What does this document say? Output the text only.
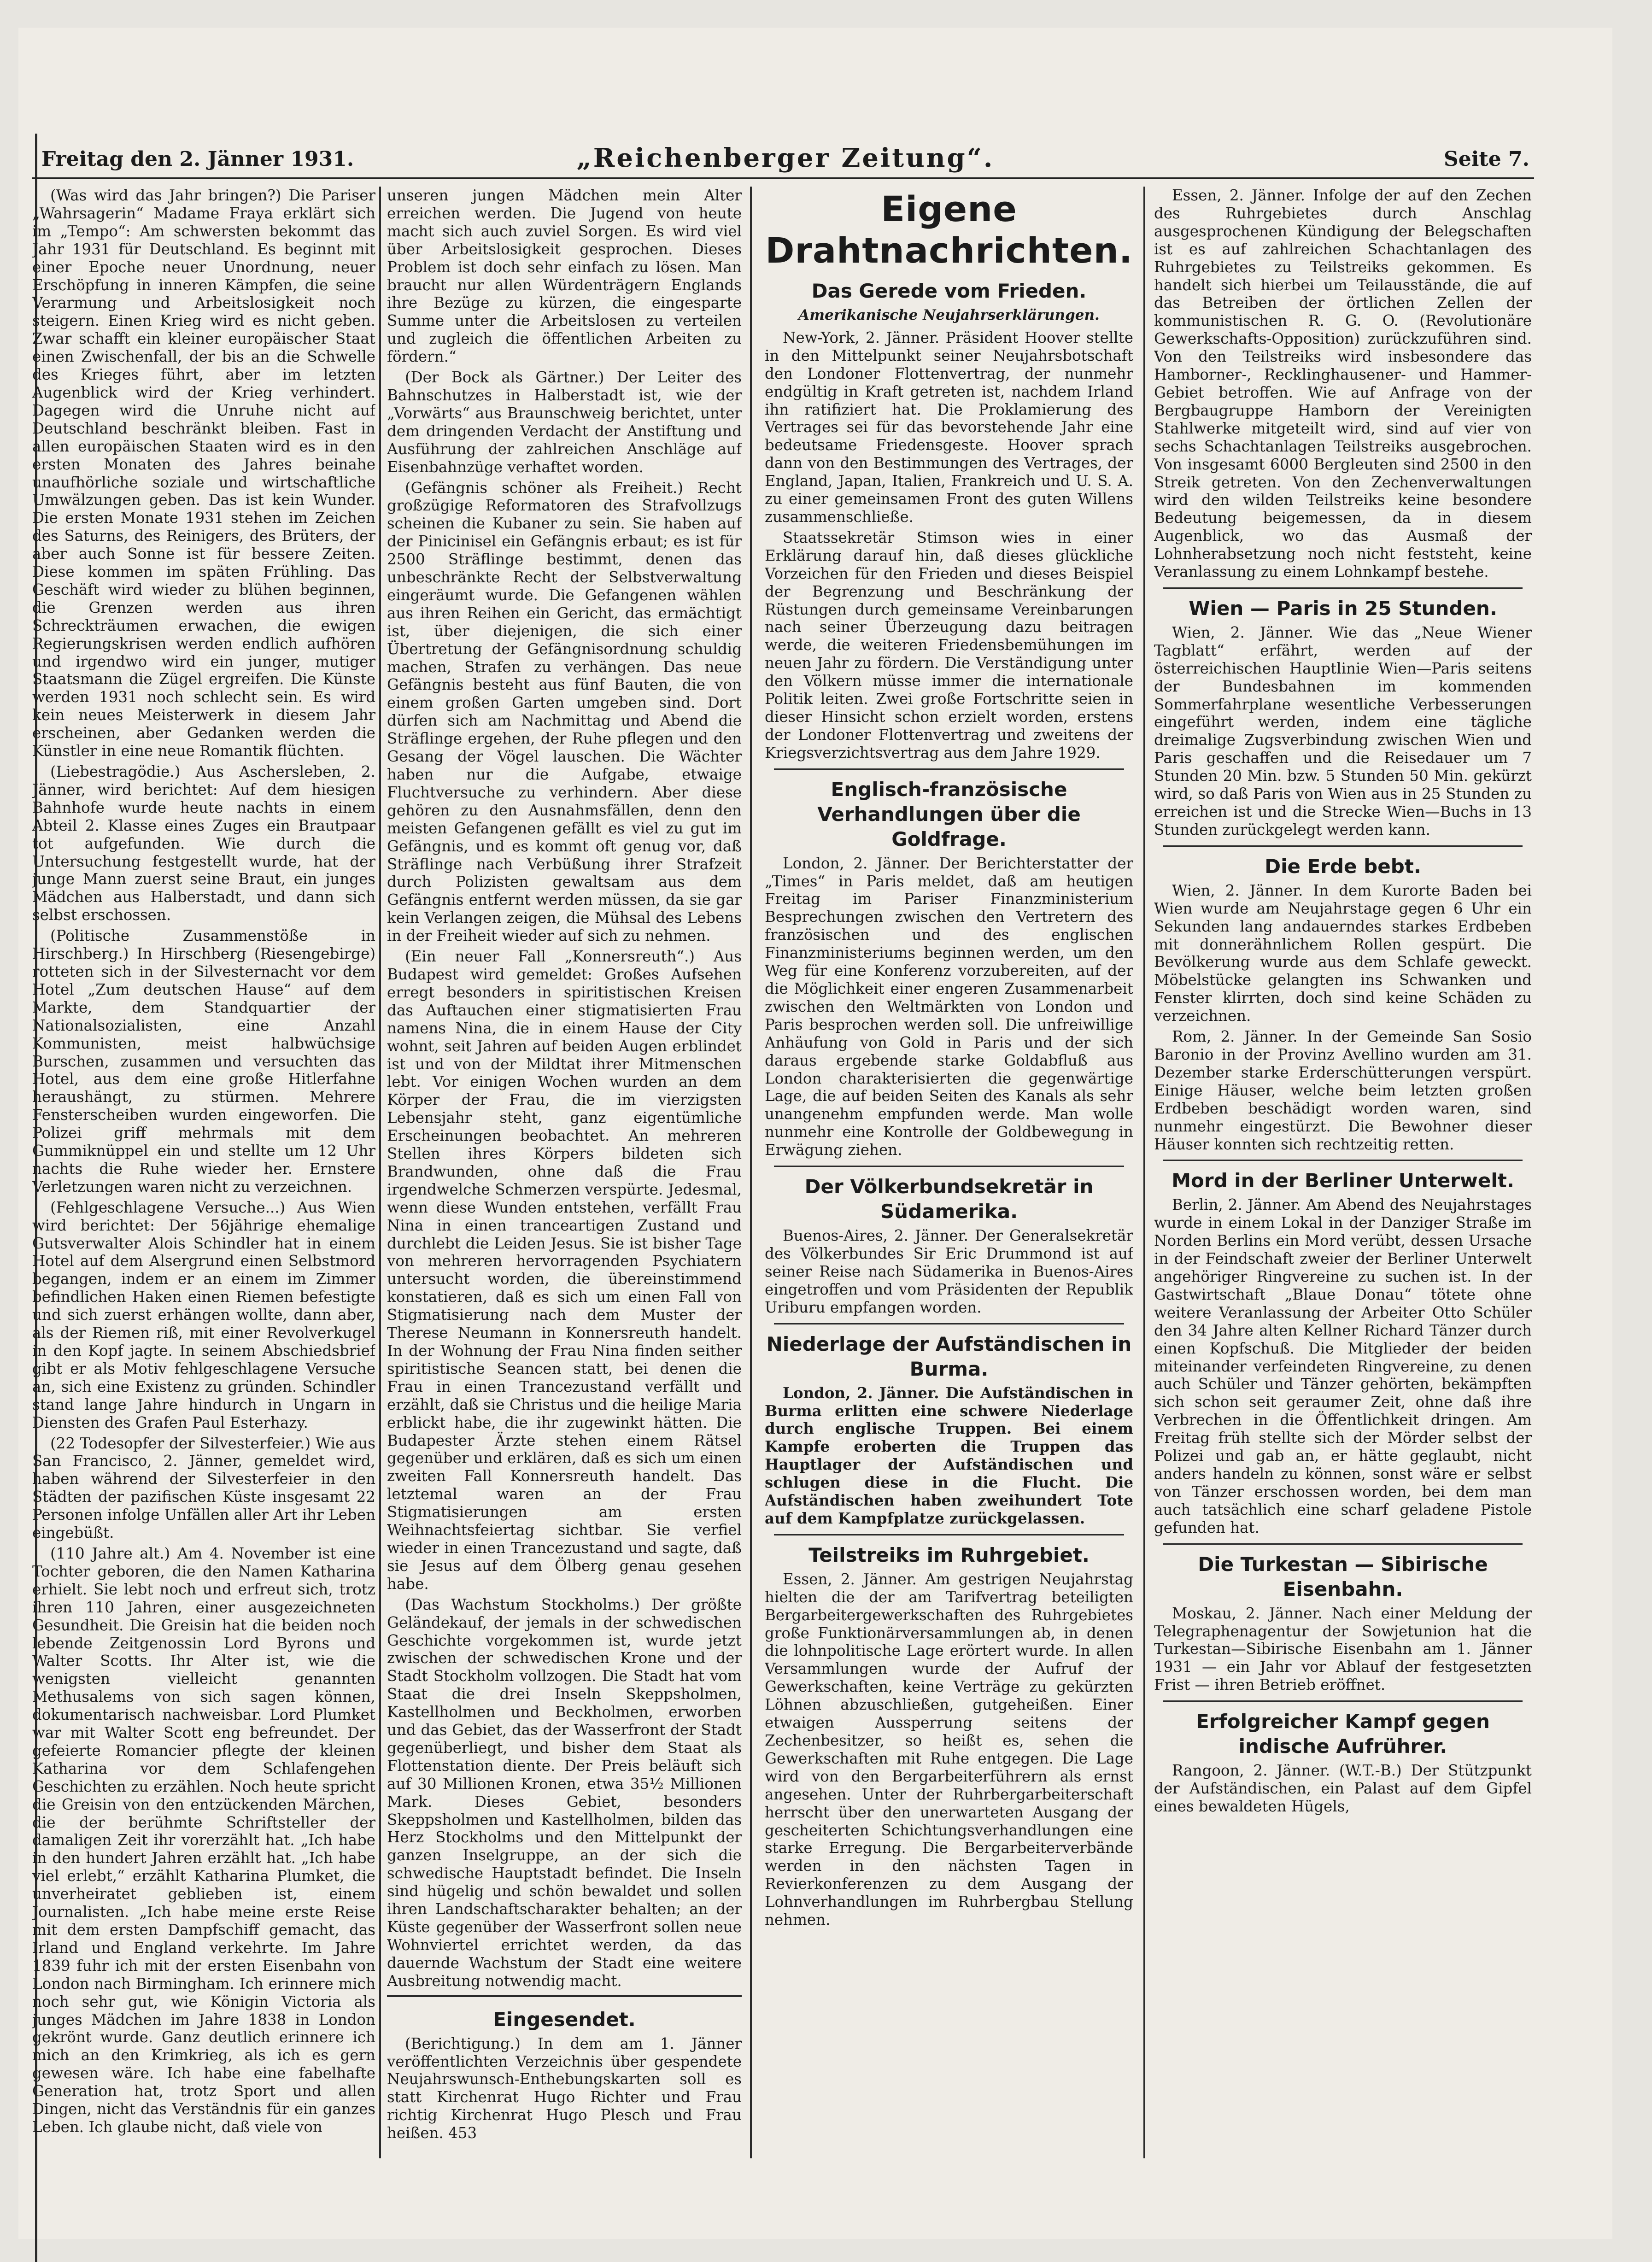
Freitag den 2. Jänner 1931.	„Reichenberger Zeitung“.	Seite 7.

(Was wird das Jahr bringen?) Die Pariser „Wahrsagerin“ Madame Fraya erklärt sich im „Tempo“: Am schwersten bekommt das Jahr 1931 für Deutschland. Es beginnt mit einer Epoche neuer Unordnung, neuer Erschöpfung in inneren Kämpfen, die seine Verarmung und Arbeitslosigkeit noch steigern. Einen Krieg wird es nicht geben. Zwar schafft ein kleiner europäischer Staat einen Zwischenfall, der bis an die Schwelle des Krieges führt, aber im letzten Augenblick wird der Krieg verhindert. Dagegen wird die Unruhe nicht auf Deutschland beschränkt bleiben. Fast in allen europäischen Staaten wird es in den ersten Monaten des Jahres beinahe unaufhörliche soziale und wirtschaftliche Umwälzungen geben. Das ist kein Wunder. Die ersten Monate 1931 stehen im Zeichen des Saturns, des Reinigers, des Brüters, der aber auch Sonne ist für bessere Zeiten. Diese kommen im späten Frühling. Das Geschäft wird wieder zu blühen beginnen, die Grenzen werden aus ihren Schreckträumen erwachen, die ewigen Regierungskrisen werden endlich aufhören und irgendwo wird ein junger, mutiger Staatsmann die Zügel ergreifen. Die Künste werden 1931 noch schlecht sein. Es wird kein neues Meisterwerk in diesem Jahr erscheinen, aber Gedanken werden die Künstler in eine neue Romantik flüchten.

(Liebestragödie.) Aus Aschersleben, 2. Jänner, wird berichtet: Auf dem hiesigen Bahnhofe wurde heute nachts in einem Abteil 2. Klasse eines Zuges ein Brautpaar tot aufgefunden. Wie durch die Untersuchung festgestellt wurde, hat der junge Mann zuerst seine Braut, ein junges Mädchen aus Halberstadt, und dann sich selbst erschossen.

(Politische Zusammenstöße in Hirschberg.) In Hirschberg (Riesengebirge) rotteten sich in der Silvesternacht vor dem Hotel „Zum deutschen Hause“ auf dem Markte, dem Standquartier der Nationalsozialisten, eine Anzahl Kommunisten, meist halbwüchsige Burschen, zusammen und versuchten das Hotel, aus dem eine große Hitlerfahne heraushängt, zu stürmen. Mehrere Fensterscheiben wurden eingeworfen. Die Polizei griff mehrmals mit dem Gummiknüppel ein und stellte um 12 Uhr nachts die Ruhe wieder her. Ernstere Verletzungen waren nicht zu verzeichnen.

(Fehlgeschlagene Versuche...) Aus Wien wird berichtet: Der 56jährige ehemalige Gutsverwalter Alois Schindler hat in einem Hotel auf dem Alsergrund einen Selbstmord begangen, indem er an einem im Zimmer befindlichen Haken einen Riemen befestigte und sich zuerst erhängen wollte, dann aber, als der Riemen riß, mit einer Revolverkugel in den Kopf jagte. In seinem Abschiedsbrief gibt er als Motiv fehlgeschlagene Versuche an, sich eine Existenz zu gründen. Schindler stand lange Jahre hindurch in Ungarn in Diensten des Grafen Paul Esterhazy.

(22 Todesopfer der Silvesterfeier.) Wie aus San Francisco, 2. Jänner, gemeldet wird, haben während der Silvesterfeier in den Städten der pazifischen Küste insgesamt 22 Personen infolge Unfällen aller Art ihr Leben eingebüßt.

(110 Jahre alt.) Am 4. November ist eine Tochter geboren, die den Namen Katharina erhielt. Sie lebt noch und erfreut sich, trotz ihren 110 Jahren, einer ausgezeichneten Gesundheit. Die Greisin hat die beiden noch lebende Zeitgenossin Lord Byrons und Walter Scotts. Ihr Alter ist, wie die wenigsten vielleicht genannten Methusalems von sich sagen können, dokumentarisch nachweisbar. Lord Plumket war mit Walter Scott eng befreundet. Der gefeierte Romancier pflegte der kleinen Katharina vor dem Schlafengehen Geschichten zu erzählen. Noch heute spricht die Greisin von den entzückenden Märchen, die der berühmte Schriftsteller der damaligen Zeit ihr vorerzählt hat. „Ich habe in den hundert Jahren erzählt hat. „Ich habe viel erlebt,“ erzählt Katharina Plumket, die unverheiratet geblieben ist, einem Journalisten. „Ich habe meine erste Reise mit dem ersten Dampfschiff gemacht, das Irland und England verkehrte. Im Jahre 1839 fuhr ich mit der ersten Eisenbahn von London nach Birmingham. Ich erinnere mich noch sehr gut, wie Königin Victoria als junges Mädchen im Jahre 1838 in London gekrönt wurde. Ganz deutlich erinnere ich mich an den Krimkrieg, als ich es gern gewesen wäre. Ich habe eine fabelhafte Generation hat, trotz Sport und allen Dingen, nicht das Verständnis für ein ganzes Leben. Ich glaube nicht, daß viele von

unseren jungen Mädchen mein Alter erreichen werden. Die Jugend von heute macht sich auch zuviel Sorgen. Es wird viel über Arbeitslosigkeit gesprochen. Dieses Problem ist doch sehr einfach zu lösen. Man braucht nur allen Würdenträgern Englands ihre Bezüge zu kürzen, die eingesparte Summe unter die Arbeitslosen zu verteilen und zugleich die öffentlichen Arbeiten zu fördern.“

(Der Bock als Gärtner.) Der Leiter des Bahnschutzes in Halberstadt ist, wie der „Vorwärts“ aus Braunschweig berichtet, unter dem dringenden Verdacht der Anstiftung und Ausführung der zahlreichen Anschläge auf Eisenbahnzüge verhaftet worden.

(Gefängnis schöner als Freiheit.) Recht großzügige Reformatoren des Strafvollzugs scheinen die Kubaner zu sein. Sie haben auf der Pinicinisel ein Gefängnis erbaut; es ist für 2500 Sträflinge bestimmt, denen das unbeschränkte Recht der Selbstverwaltung eingeräumt wurde. Die Gefangenen wählen aus ihren Reihen ein Gericht, das ermächtigt ist, über diejenigen, die sich einer Übertretung der Gefängnisordnung schuldig machen, Strafen zu verhängen. Das neue Gefängnis besteht aus fünf Bauten, die von einem großen Garten umgeben sind. Dort dürfen sich am Nachmittag und Abend die Sträflinge ergehen, der Ruhe pflegen und den Gesang der Vögel lauschen. Die Wächter haben nur die Aufgabe, etwaige Fluchtversuche zu verhindern. Aber diese gehören zu den Ausnahmsfällen, denn den meisten Gefangenen gefällt es viel zu gut im Gefängnis, und es kommt oft genug vor, daß Sträflinge nach Verbüßung ihrer Strafzeit durch Polizisten gewaltsam aus dem Gefängnis entfernt werden müssen, da sie gar kein Verlangen zeigen, die Mühsal des Lebens in der Freiheit wieder auf sich zu nehmen.

(Ein neuer Fall „Konnersreuth“.) Aus Budapest wird gemeldet: Großes Aufsehen erregt besonders in spiritistischen Kreisen das Auftauchen einer stigmatisierten Frau namens Nina, die in einem Hause der City wohnt, seit Jahren auf beiden Augen erblindet ist und von der Mildtat ihrer Mitmenschen lebt. Vor einigen Wochen wurden an dem Körper der Frau, die im vierzigsten Lebensjahr steht, ganz eigentümliche Erscheinungen beobachtet. An mehreren Stellen ihres Körpers bildeten sich Brandwunden, ohne daß die Frau irgendwelche Schmerzen verspürte. Jedesmal, wenn diese Wunden entstehen, verfällt Frau Nina in einen tranceartigen Zustand und durchlebt die Leiden Jesus. Sie ist bisher Tage von mehreren hervorragenden Psychiatern untersucht worden, die übereinstimmend konstatieren, daß es sich um einen Fall von Stigmatisierung nach dem Muster der Therese Neumann in Konnersreuth handelt. In der Wohnung der Frau Nina finden seither spiritistische Seancen statt, bei denen die Frau in einen Trancezustand verfällt und erzählt, daß sie Christus und die heilige Maria erblickt habe, die ihr zugewinkt hätten. Die Budapester Ärzte stehen einem Rätsel gegenüber und erklären, daß es sich um einen zweiten Fall Konnersreuth handelt. Das letztemal waren an der Frau Stigmatisierungen am ersten Weihnachtsfeiertag sichtbar. Sie verfiel wieder in einen Trancezustand und sagte, daß sie Jesus auf dem Ölberg genau gesehen habe.

(Das Wachstum Stockholms.) Der größte Geländekauf, der jemals in der schwedischen Geschichte vorgekommen ist, wurde jetzt zwischen der schwedischen Krone und der Stadt Stockholm vollzogen. Die Stadt hat vom Staat die drei Inseln Skeppsholmen, Kastellholmen und Beckholmen, erworben und das Gebiet, das der Wasserfront der Stadt gegenüberliegt, und bisher dem Staat als Flottenstation diente. Der Preis beläuft sich auf 30 Millionen Kronen, etwa 35½ Millionen Mark. Dieses Gebiet, besonders Skeppsholmen und Kastellholmen, bilden das Herz Stockholms und den Mittelpunkt der ganzen Inselgruppe, an der sich die schwedische Hauptstadt befindet. Die Inseln sind hügelig und schön bewaldet und sollen ihren Landschaftscharakter behalten; an der Küste gegenüber der Wasserfront sollen neue Wohnviertel errichtet werden, da das dauernde Wachstum der Stadt eine weitere Ausbreitung notwendig macht.

Eingesendet.

(Berichtigung.) In dem am 1. Jänner veröffentlichten Verzeichnis über gespendete Neujahrswunsch-Enthebungskarten soll es statt Kirchenrat Hugo Richter und Frau richtig Kirchenrat Hugo Plesch und Frau heißen. 453

Eigene Drahtnachrichten.
Das Gerede vom Frieden.
Amerikanische Neujahrserklärungen.

New-York, 2. Jänner. Präsident Hoover stellte in den Mittelpunkt seiner Neujahrsbotschaft den Londoner Flottenvertrag, der nunmehr endgültig in Kraft getreten ist, nachdem Irland ihn ratifiziert hat. Die Proklamierung des Vertrages sei für das bevorstehende Jahr eine bedeutsame Friedensgeste. Hoover sprach dann von den Bestimmungen des Vertrages, der England, Japan, Italien, Frankreich und U. S. A. zu einer gemeinsamen Front des guten Willens zusammenschließe.

Staatssekretär Stimson wies in einer Erklärung darauf hin, daß dieses glückliche Vorzeichen für den Frieden und dieses Beispiel der Begrenzung und Beschränkung der Rüstungen durch gemeinsame Vereinbarungen nach seiner Überzeugung dazu beitragen werde, die weiteren Friedensbemühungen im neuen Jahr zu fördern. Die Verständigung unter den Völkern müsse immer die internationale Politik leiten. Zwei große Fortschritte seien in dieser Hinsicht schon erzielt worden, erstens der Londoner Flottenvertrag und zweitens der Kriegsverzichtsvertrag aus dem Jahre 1929.

Englisch-französische Verhandlungen über die Goldfrage.

London, 2. Jänner. Der Berichterstatter der „Times“ in Paris meldet, daß am heutigen Freitag im Pariser Finanzministerium Besprechungen zwischen den Vertretern des französischen und des englischen Finanzministeriums beginnen werden, um den Weg für eine Konferenz vorzubereiten, auf der die Möglichkeit einer engeren Zusammenarbeit zwischen den Weltmärkten von London und Paris besprochen werden soll. Die unfreiwillige Anhäufung von Gold in Paris und der sich daraus ergebende starke Goldabfluß aus London charakterisierten die gegenwärtige Lage, die auf beiden Seiten des Kanals als sehr unangenehm empfunden werde. Man wolle nunmehr eine Kontrolle der Goldbewegung in Erwägung ziehen.

Der Völkerbundsekretär in Südamerika.

Buenos-Aires, 2. Jänner. Der Generalsekretär des Völkerbundes Sir Eric Drummond ist auf seiner Reise nach Südamerika in Buenos-Aires eingetroffen und vom Präsidenten der Republik Uriburu empfangen worden.

Niederlage der Aufständischen in Burma.

London, 2. Jänner. Die Aufständischen in Burma erlitten eine schwere Niederlage durch englische Truppen. Bei einem Kampfe eroberten die Truppen das Hauptlager der Aufständischen und schlugen diese in die Flucht. Die Aufständischen haben zweihundert Tote auf dem Kampfplatze zurückgelassen.

Teilstreiks im Ruhrgebiet.

Essen, 2. Jänner. Am gestrigen Neujahrstag hielten die der am Tarifvertrag beteiligten Bergarbeitergewerkschaften des Ruhrgebietes große Funktionärversammlungen ab, in denen die lohnpolitische Lage erörtert wurde. In allen Versammlungen wurde der Aufruf der Gewerkschaften, keine Verträge zu gekürzten Löhnen abzuschließen, gutgeheißen. Einer etwaigen Aussperrung seitens der Zechenbesitzer, so heißt es, sehen die Gewerkschaften mit Ruhe entgegen. Die Lage wird von den Bergarbeiterführern als ernst angesehen. Unter der Ruhrbergarbeiterschaft herrscht über den unerwarteten Ausgang der gescheiterten Schichtungsverhandlungen eine starke Erregung. Die Bergarbeiterverbände werden in den nächsten Tagen in Revierkonferenzen zu dem Ausgang der Lohnverhandlungen im Ruhrbergbau Stellung nehmen.

Essen, 2. Jänner. Infolge der auf den Zechen des Ruhrgebietes durch Anschlag ausgesprochenen Kündigung der Belegschaften ist es auf zahlreichen Schachtanlagen des Ruhrgebietes zu Teilstreiks gekommen. Es handelt sich hierbei um Teilausstände, die auf das Betreiben der örtlichen Zellen der kommunistischen R. G. O. (Revolutionäre Gewerkschafts-Opposition) zurückzuführen sind. Von den Teilstreiks wird insbesondere das Hamborner-, Recklinghausener- und Hammer-Gebiet betroffen. Wie auf Anfrage von der Bergbaugruppe Hamborn der Vereinigten Stahlwerke mitgeteilt wird, sind auf vier von sechs Schachtanlagen Teilstreiks ausgebrochen. Von insgesamt 6000 Bergleuten sind 2500 in den Streik getreten. Von den Zechenverwaltungen wird den wilden Teilstreiks keine besondere Bedeutung beigemessen, da in diesem Augenblick, wo das Ausmaß der Lohnherabsetzung noch nicht feststeht, keine Veranlassung zu einem Lohnkampf bestehe.

Wien — Paris in 25 Stunden.

Wien, 2. Jänner. Wie das „Neue Wiener Tagblatt“ erfährt, werden auf der österreichischen Hauptlinie Wien—Paris seitens der Bundesbahnen im kommenden Sommerfahrplane wesentliche Verbesserungen eingeführt werden, indem eine tägliche dreimalige Zugsverbindung zwischen Wien und Paris geschaffen und die Reisedauer um 7 Stunden 20 Min. bzw. 5 Stunden 50 Min. gekürzt wird, so daß Paris von Wien aus in 25 Stunden zu erreichen ist und die Strecke Wien—Buchs in 13 Stunden zurückgelegt werden kann.

Die Erde bebt.

Wien, 2. Jänner. In dem Kurorte Baden bei Wien wurde am Neujahrstage gegen 6 Uhr ein Sekunden lang andauerndes starkes Erdbeben mit donnerähnlichem Rollen gespürt. Die Bevölkerung wurde aus dem Schlafe geweckt. Möbelstücke gelangten ins Schwanken und Fenster klirrten, doch sind keine Schäden zu verzeichnen.

Rom, 2. Jänner. In der Gemeinde San Sosio Baronio in der Provinz Avellino wurden am 31. Dezember starke Erderschütterungen verspürt. Einige Häuser, welche beim letzten großen Erdbeben beschädigt worden waren, sind nunmehr eingestürzt. Die Bewohner dieser Häuser konnten sich rechtzeitig retten.

Mord in der Berliner Unterwelt.

Berlin, 2. Jänner. Am Abend des Neujahrstages wurde in einem Lokal in der Danziger Straße im Norden Berlins ein Mord verübt, dessen Ursache in der Feindschaft zweier der Berliner Unterwelt angehöriger Ringvereine zu suchen ist. In der Gastwirtschaft „Blaue Donau“ tötete ohne weitere Veranlassung der Arbeiter Otto Schüler den 34 Jahre alten Kellner Richard Tänzer durch einen Kopfschuß. Die Mitglieder der beiden miteinander verfeindeten Ringvereine, zu denen auch Schüler und Tänzer gehörten, bekämpften sich schon seit geraumer Zeit, ohne daß ihre Verbrechen in die Öffentlichkeit dringen. Am Freitag früh stellte sich der Mörder selbst der Polizei und gab an, er hätte geglaubt, nicht anders handeln zu können, sonst wäre er selbst von Tänzer erschossen worden, bei dem man auch tatsächlich eine scharf geladene Pistole gefunden hat.

Die Turkestan — Sibirische Eisenbahn.

Moskau, 2. Jänner. Nach einer Meldung der Telegraphenagentur der Sowjetunion hat die Turkestan—Sibirische Eisenbahn am 1. Jänner 1931 — ein Jahr vor Ablauf der festgesetzten Frist — ihren Betrieb eröffnet.

Erfolgreicher Kampf gegen indische Aufrührer.

Rangoon, 2. Jänner. (W.T.-B.) Der Stützpunkt der Aufständischen, ein Palast auf dem Gipfel eines bewaldeten Hügels,
